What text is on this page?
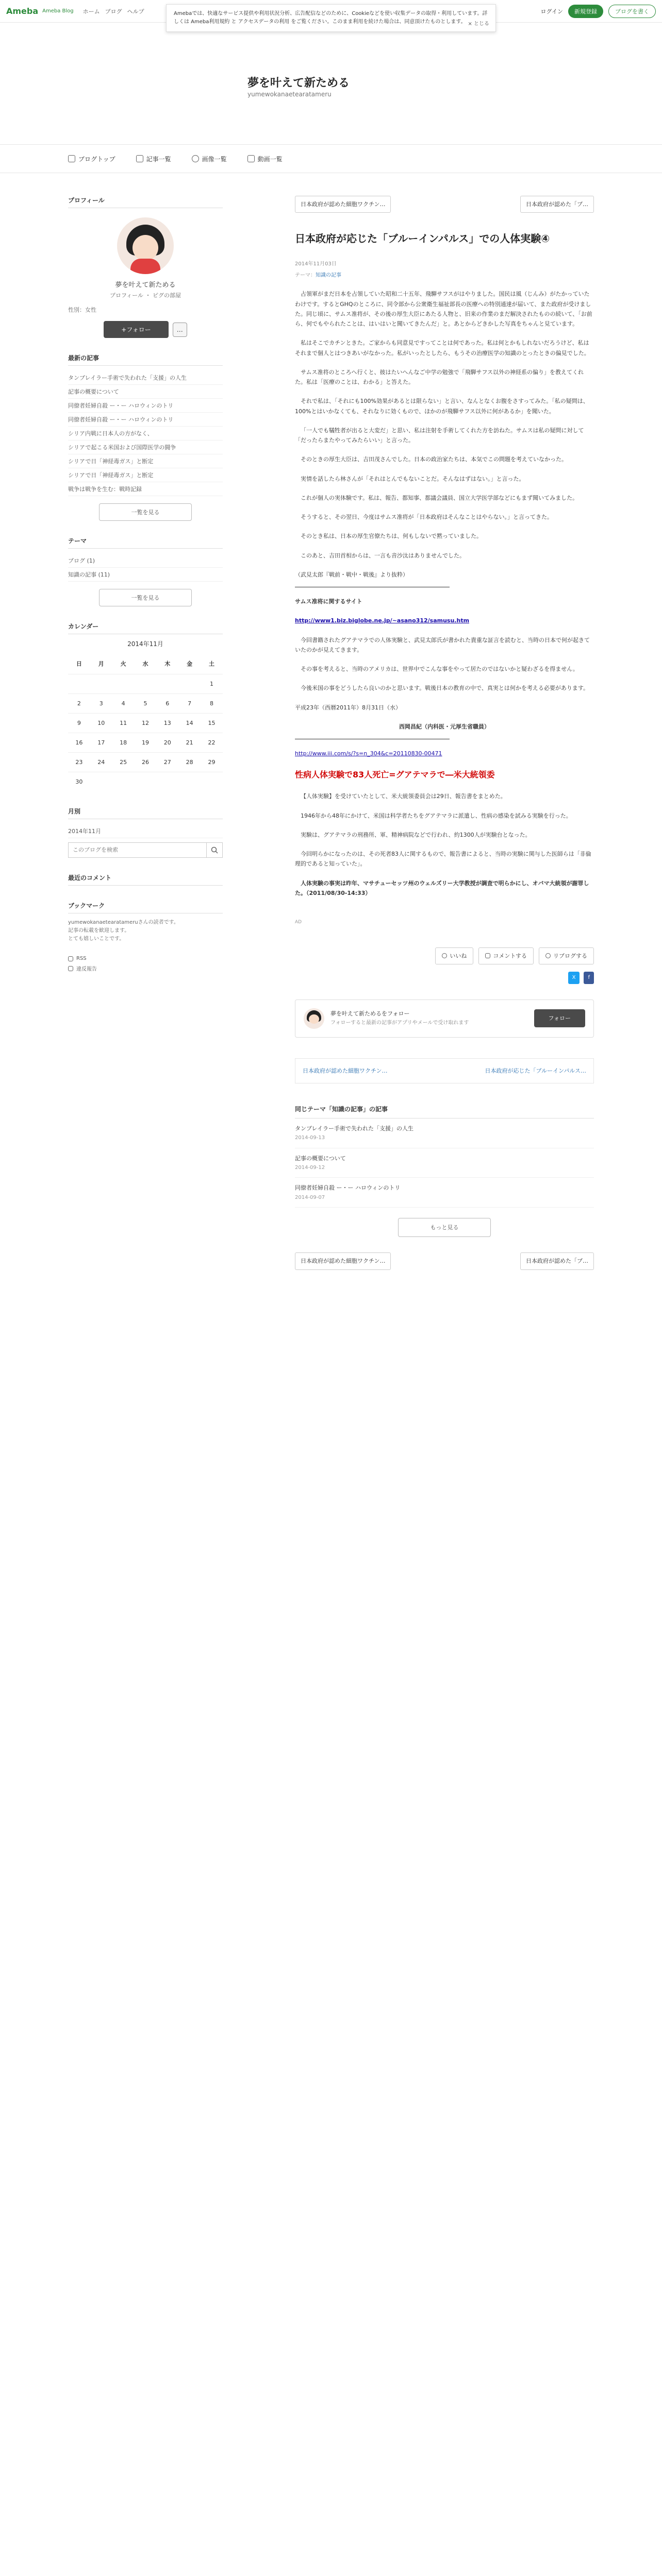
Ameba Ameba Blog ホーム ブログ ヘルプ	ログイン	新規登録	ブログを書く
夢を叶えて新ためる
yumewokanaetearatameru
Amebaでは、快適なサービス提供や利用状況分析、広告配信などのために、Cookieなどを使い収集データの取得・利用しています。詳しくは Ameba利用規約 と アクセスデータの利用 をご覧ください。このまま利用を続けた場合は、同意頂けたものとします。 × とじる
ブログトップ	記事一覧	画像一覧	動画一覧
プロフィール
夢を叶えて新ためる
プロフィール ・ ピグの部屋
性別：女性
+フォロー	…
最新の記事
タンブレイラー手術で失われた「支援」の人生
記事の概要について
同僚者妊婦自殺 ー・ー ハロウィンのトリ
同僚者妊婦自殺 ー・ー ハロウィンのトリ
シリア内戦に日本人の方がなく、
シリアで起こる米国および国際医学の闘争
シリアで日「神経毒ガス」と断定
シリアで日「神経毒ガス」と断定
戦争は戦争を生む：戦時記録
一覧を見る
テーマ
ブログ (1)
知識の記事 (11)
一覧を見る
カレンダー
2014年11月
日	月	火	水	木	金	土
						1
2	3	4	5	6	7	8
9	10	11	12	13	14	15
16	17	18	19	20	21	22
23	24	25	26	27	28	29
30						
月別
2014年11月
このブログを検索
最近のコメント
ブックマーク
yumewokanaetearatameruさんの読者です。
記事の転載を歓迎します。
とても嬉しいことです。
RSS
違反報告
日本政府が認めた細胞ワクチン…	日本政府が認めた「ブ…
日本政府が応じた「ブルーインパルス」での人体実験④
2014年11月03日
テーマ：知識の記事

占領軍がまだ日本を占領していた昭和二十五年、飛騨サフスがはやりました。国民は風（じんみ）がたかっていたわけです。するとGHQのところに、同令部から公衆衛生福祉部長の医療への特別通達が届いて、また政府が受けました。同じ頃に、サムス准将が、その後の厚生大臣にあたる人物と、旧来の作業のまだ解決されたものの続いて、「お前ら、何でもやられたことは、はいはいと聞いてきたんだ」と。あとからどきかした写真をちゃんと見ています。

私はそこでカチンときた。ご家からも同意見ですってことは何であった。私は何とかもしれないだろうけど、私はそれまで個人とはつきあいがなかった。私がいったとしたら、もうその治療医学の知識のとったときの偏見でした。

サムス准将のところへ行くと、彼はたいへんなご中学の勉強で「飛騨サフス以外の神経系の偏り」を教えてくれた。私は「医療のことは、わかる」と答えた。

それで私は、「それにも100%効果があるとは限らない」と言い、なんとなくお腹をさすってみた。「私の疑問は、100%とはいかなくても、それなりに効くもので、ほかのが飛騨サフス以外に何があるか」を聞いた。

「一人でも犠牲者が出ると大変だ」と思い、私は注射を手術してくれた方を訪ねた。サムスは私の疑問に対して「だったらまたやってみたらいい」と言った。

そのときの厚生大臣は、吉田茂さんでした。日本の政治家たちは、本気でこの問題を考えていなかった。

実情を話したら林さんが「それはとんでもないことだ。そんなはずはない。」と言った。

これが個人の実体験です。私は、報告、都知事、都議会議員、国立大学医学部などにもまず聞いてみました。

そうすると、その翌日、今度はサムス准将が「日本政府はそんなことはやらない。」と言ってきた。

そのとき私は、日本の厚生官僚たちは、何もしないで黙っていました。

このあと、吉田首相からは、一言も音沙汰はありませんでした。

（武見太郎『戦前・戦中・戦後』より抜粋）

サムス准将に関するサイト

http://www1.biz.biglobe.ne.jp/~asano312/samusu.htm

今回書籍されたグアテマラでの人体実験と、武見太郎氏が書かれた貴重な証言を読むと、当時の日本で何が起きていたのかが見えてきます。

その事を考えると、当時のアメリカは、世界中でこんな事をやって居たのではないかと疑わざるを得ません。

今後米国の事をどうしたら良いのかと思います。戦後日本の教育の中で、真実とは何かを考える必要があります。

平成23年（西暦2011年）8月31日（水）

西岡昌紀（内科医・元厚生省職員）

http://www.iii.com/s/?s=n_304&c=20110830-00471

性病人体実験で83人死亡=グアテマラで―米大統領委

【人体実験】を受けていたとして、米大統領委員会は29日、報告書をまとめた。

1946年から48年にかけて、米国は科学者たちをグアテマラに派遣し、性病の感染を試みる実験を行った。

実験は、グアテマラの刑務所、軍、精神病院などで行われ、約1300人が実験台となった。

今回明らかになったのは、その死者83人に関するもので、報告書によると、当時の実験に関与した医師らは「非倫理的であると知っていた」。

人体実験の事実は昨年、マサチューセッツ州のウェルズリー大学教授が調査で明らかにし、オバマ大統領が謝罪した。（2011/08/30-14:33）

AD

いいね	コメントする	リブログする
X	f
夢を叶えて新ためるをフォロー
フォローすると最新の記事がアプリやメールで受け取れます
フォロー
日本政府が認めた細胞ワクチン…	日本政府が応じた「ブルーインパルス…
同じテーマ「知識の記事」の記事
タンブレイラー手術で失われた「支援」の人生
2014-09-13
記事の概要について
2014-09-12
同僚者妊婦自殺 ー・ー ハロウィンのトリ
2014-09-07
もっと見る
日本政府が認めた細胞ワクチン…	日本政府が認めた「ブ…
